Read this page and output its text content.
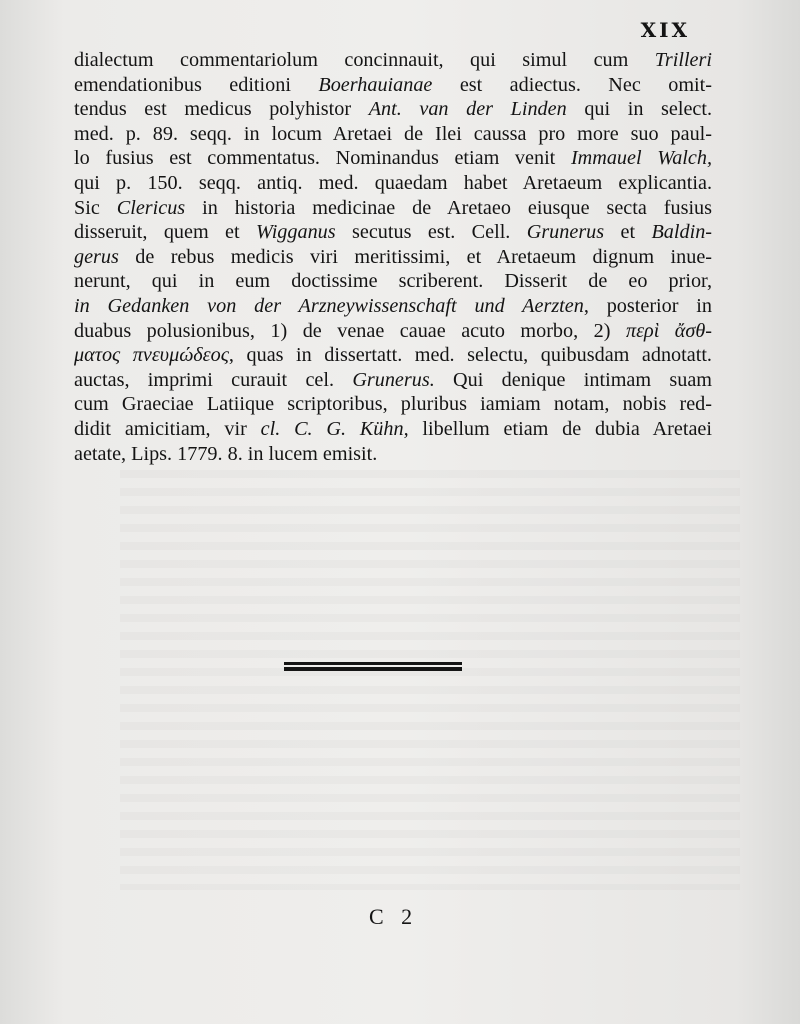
XIX
dialectum commentariolum concinnauit, qui simul cum Trilleri
emendationibus editioni Boerhauianae est adiectus. Nec omit-
tendus est medicus polyhistor Ant. van der Linden qui in select.
med. p. 89. seqq. in locum Aretaei de Ilei caussa pro more suo paul-
lo fusius est commentatus. Nominandus etiam venit Immauel Walch,
qui p. 150. seqq. antiq. med. quaedam habet Aretaeum explicantia.
Sic Clericus in historia medicinae de Aretaeo eiusque secta fusius
disseruit, quem et Wigganus secutus est. Cell. Grunerus et Baldin-
gerus de rebus medicis viri meritissimi, et Aretaeum dignum inue-
nerunt, qui in eum doctissime scriberent. Disserit de eo prior,
in Gedanken von der Arzneywissenschaft und Aerzten, posterior in
duabus polusionibus, 1) de venae cauae acuto morbo, 2) περὶ ἄσθ-
ματος πνευμώδεος, quas in dissertatt. med. selectu, quibusdam adnotatt.
auctas, imprimi curauit cel. Grunerus. Qui denique intimam suam
cum Graeciae Latiique scriptoribus, pluribus iamiam notam, nobis red-
didit amicitiam, vir cl. C. G. Kühn, libellum etiam de dubia Aretaei
aetate, Lips. 1779. 8. in lucem emisit.
C 2
